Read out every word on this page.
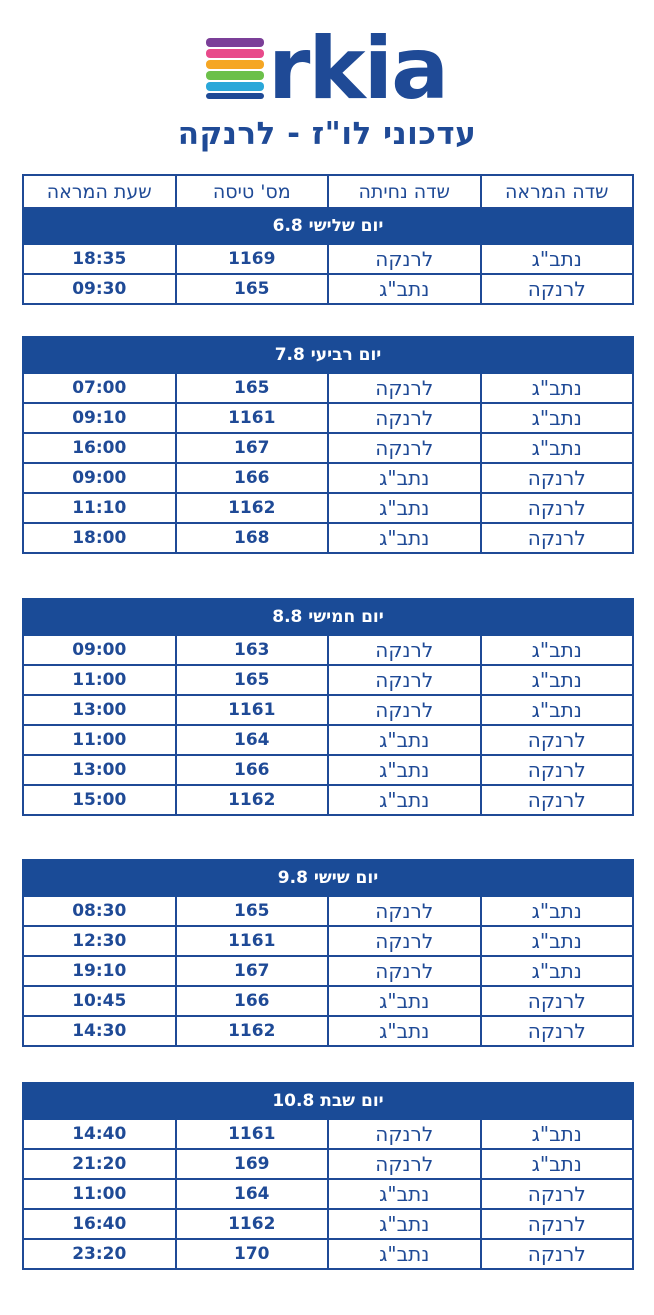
rkia
עדכוני לו"ז - לרנקה
שדה המראה	שדה נחיתה	מס' טיסה	שעת המראה
יום שלישי 6.8			
נתב"ג	לרנקה	1169	18:35
לרנקה	נתב"ג	165	09:30
יום רביעי 7.8			
נתב"ג	לרנקה	165	07:00
נתב"ג	לרנקה	1161	09:10
נתב"ג	לרנקה	167	16:00
לרנקה	נתב"ג	166	09:00
לרנקה	נתב"ג	1162	11:10
לרנקה	נתב"ג	168	18:00
יום חמישי 8.8			
נתב"ג	לרנקה	163	09:00
נתב"ג	לרנקה	165	11:00
נתב"ג	לרנקה	1161	13:00
לרנקה	נתב"ג	164	11:00
לרנקה	נתב"ג	166	13:00
לרנקה	נתב"ג	1162	15:00
יום שישי 9.8			
נתב"ג	לרנקה	165	08:30
נתב"ג	לרנקה	1161	12:30
נתב"ג	לרנקה	167	19:10
לרנקה	נתב"ג	166	10:45
לרנקה	נתב"ג	1162	14:30
יום שבת 10.8			
נתב"ג	לרנקה	1161	14:40
נתב"ג	לרנקה	169	21:20
לרנקה	נתב"ג	164	11:00
לרנקה	נתב"ג	1162	16:40
לרנקה	נתב"ג	170	23:20
